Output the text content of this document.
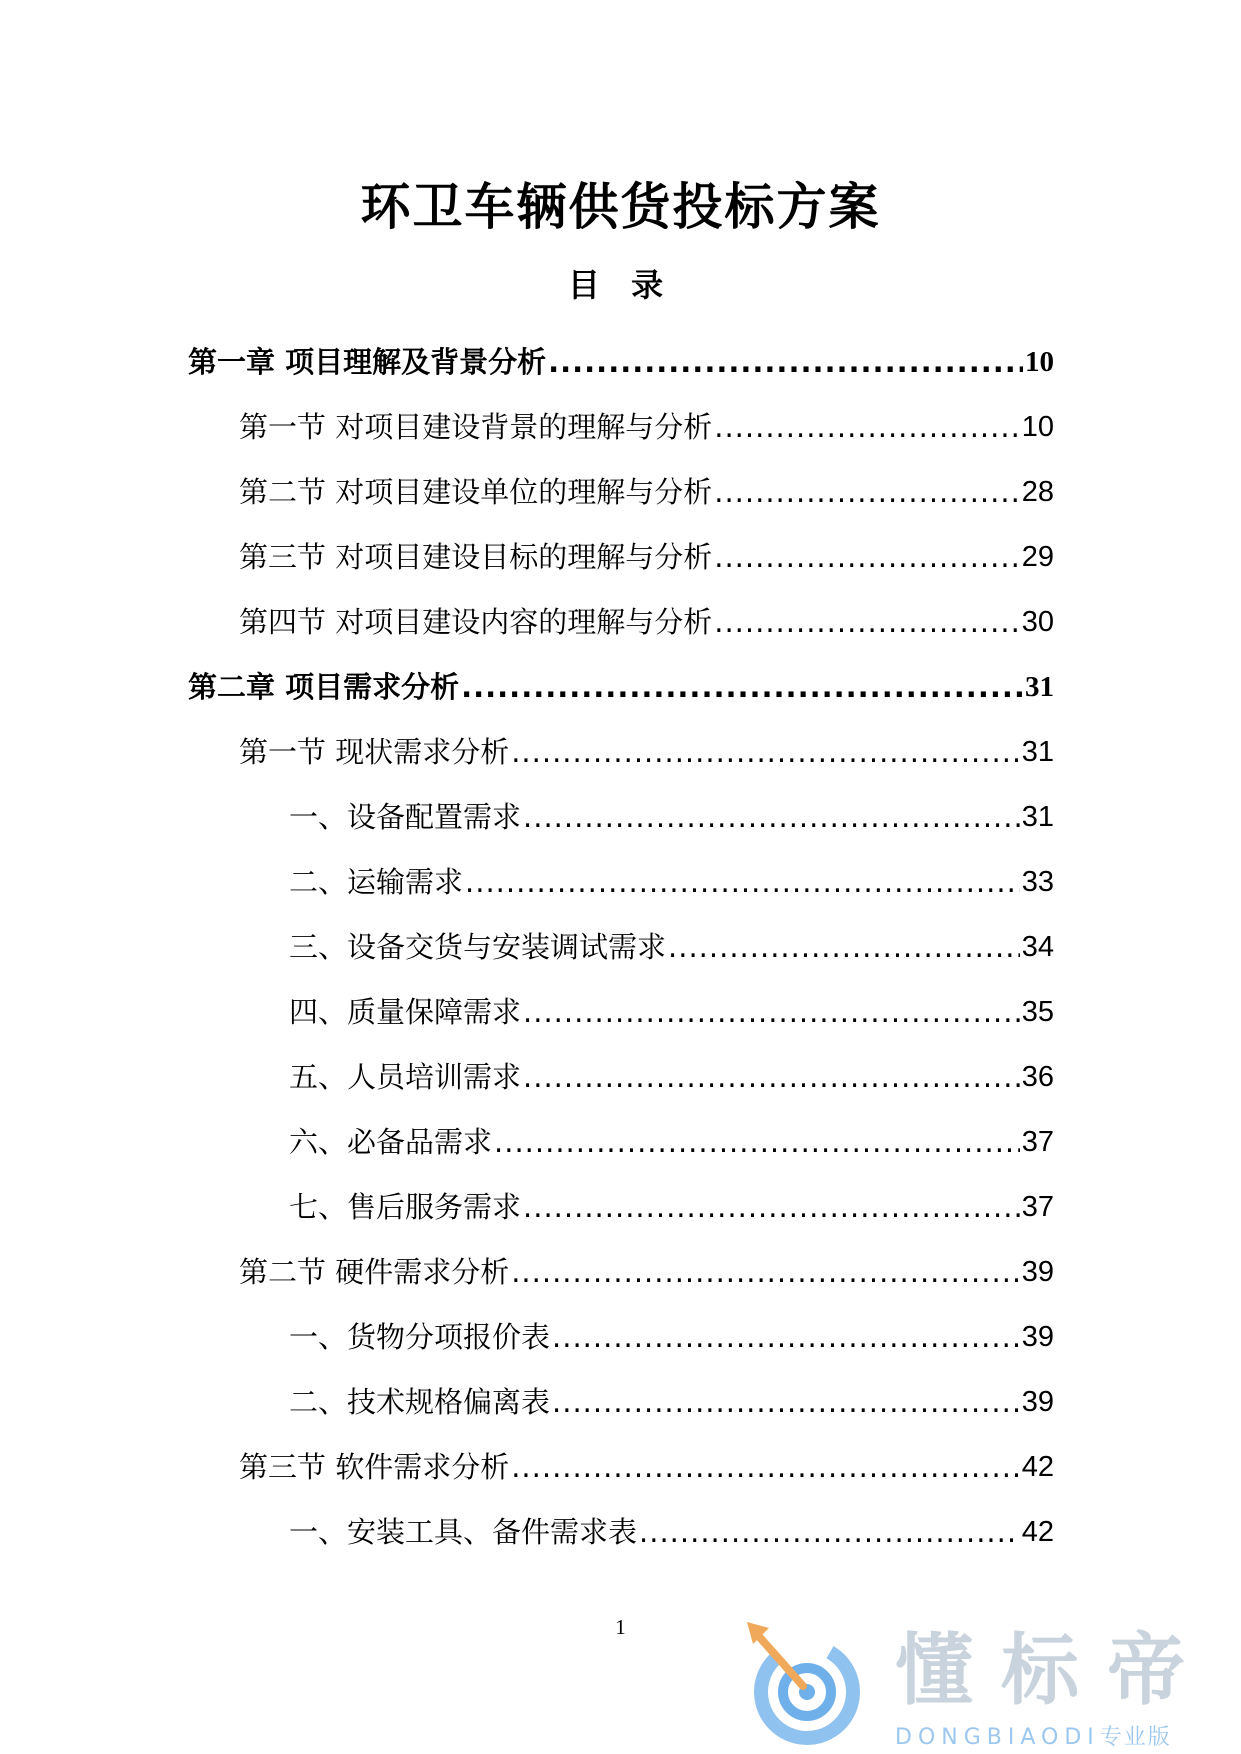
环卫车辆供货投标方案
目 录
第一章 项目理解及背景分析 .....	10
第一节 对项目建设背景的理解与分析 .....	10
第二节 对项目建设单位的理解与分析 .....	28
第三节 对项目建设目标的理解与分析 .....	29
第四节 对项目建设内容的理解与分析 .....	30
第二章 项目需求分析 .....	31
第一节 现状需求分析 .....	31
一、设备配置需求 .....	31
二、运输需求 .....	33
三、设备交货与安装调试需求 .....	34
四、质量保障需求 .....	35
五、人员培训需求 .....	36
六、必备品需求 .....	37
七、售后服务需求 .....	37
第二节 硬件需求分析 .....	39
一、货物分项报价表 .....	39
二、技术规格偏离表 .....	39
第三节 软件需求分析 .....	42
一、安装工具、备件需求表 .....	42
1	懂标帝
DONGBIAODI专业版
